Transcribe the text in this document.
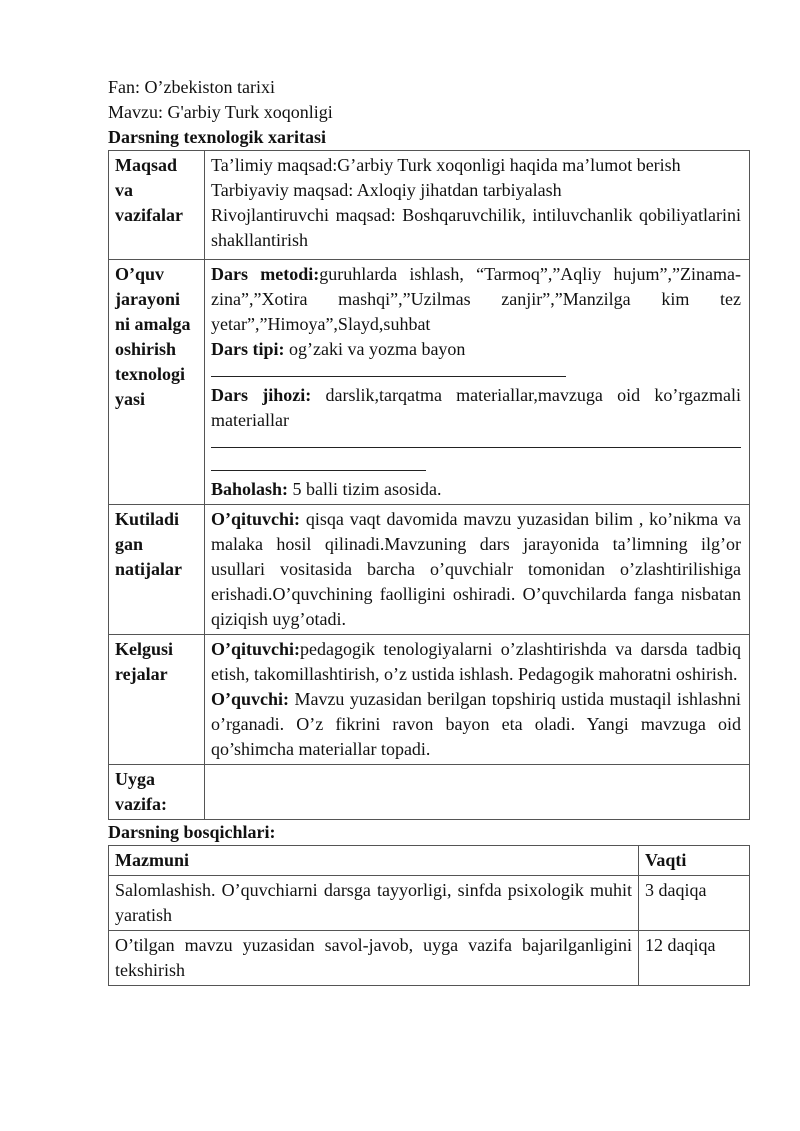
Fan: O’zbekiston tarixi
Mavzu: G'arbiy Turk xoqonligi
Darsning texnologik xaritasi
Maqsad va vazifalar	Ta’limiy maqsad:G’arbiy Turk xoqonligi haqida ma’lumot berish

Tarbiyaviy maqsad: Axloqiy jihatdan tarbiyalash

Rivojlantiruvchi maqsad: Boshqaruvchilik, intiluvchanlik qobiliyatlarini shakllantirish

O’quv jarayoni ni amalga oshirish texnologi yasi	Dars metodi:guruhlarda ishlash, “Tarmoq”,”Aqliy hujum”,”Zinama-zina”,”Xotira mashqi”,”Uzilmas zanjir”,”Manzilga kim tez yetar”,”Himoya”,Slayd,suhbat

Dars tipi: og’zaki va yozma bayon

Dars jihozi: darslik,tarqatma materiallar,mavzuga oid ko’rgazmali materiallar

Baholash: 5 balli tizim asosida.

Kutiladi gan natijalar	O’qituvchi: qisqa vaqt davomida mavzu yuzasidan bilim , ko’nikma va malaka hosil qilinadi.Mavzuning dars jarayonida ta’limning ilg’or usullari vositasida barcha o’quvchialr tomonidan o’zlashtirilishiga erishadi.O’quvchining faolligini oshiradi. O’quvchilarda fanga nisbatan qiziqish uyg’otadi.

Kelgusi rejalar	O’qituvchi:pedagogik tenologiyalarni o’zlashtirishda va darsda tadbiq etish, takomillashtirish, o’z ustida ishlash. Pedagogik mahoratni oshirish.

O’quvchi: Mavzu yuzasidan berilgan topshiriq ustida mustaqil ishlashni o’rganadi. O’z fikrini ravon bayon eta oladi. Yangi mavzuga oid qo’shimcha materiallar topadi.

Uyga vazifa:	
Darsning bosqichlari:
Mazmuni	Vaqti
Salomlashish. O’quvchiarni darsga tayyorligi, sinfda psixologik muhit yaratish	3 daqiqa
O’tilgan mavzu yuzasidan savol-javob, uyga vazifa bajarilganligini tekshirish	12 daqiqa
